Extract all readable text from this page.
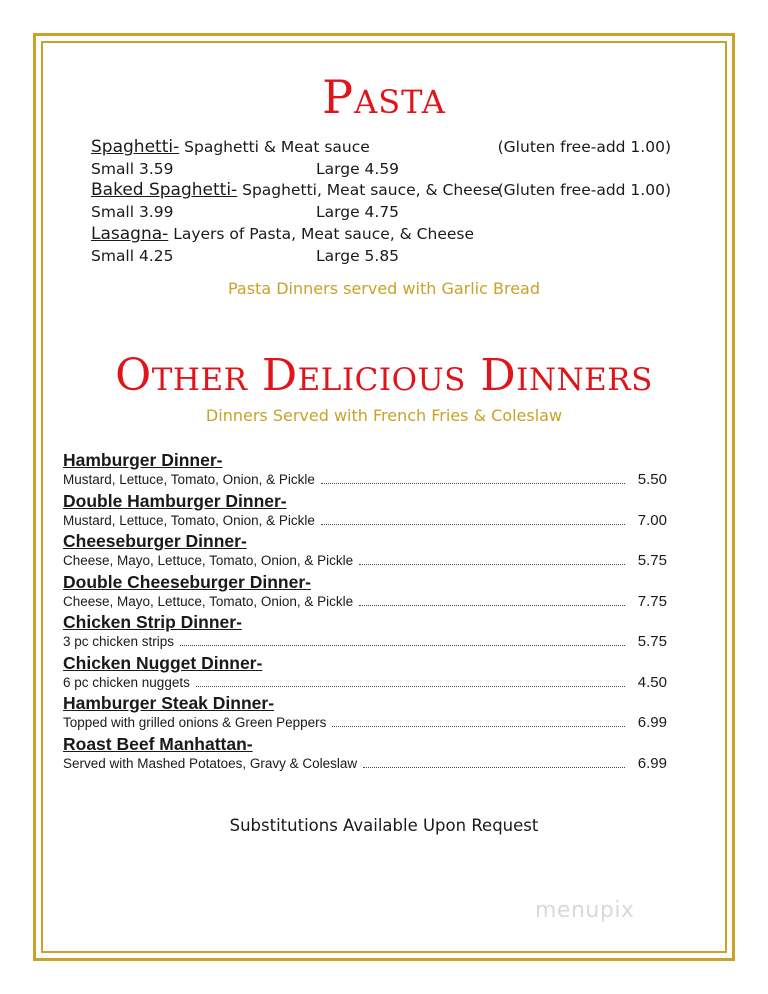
Pasta
Spaghetti- Spaghetti & Meat sauce	(Gluten free-add 1.00)
Small 3.59	Large 4.59
Baked Spaghetti- Spaghetti, Meat sauce, & Cheese
(Gluten free-add 1.00)
Small 3.99	Large 4.75
Lasagna- Layers of Pasta, Meat sauce, & Cheese
Small 4.25	Large 5.85
Pasta Dinners served with Garlic Bread
Other Delicious Dinners
Dinners Served with French Fries & Coleslaw
Hamburger Dinner-
Mustard, Lettuce, Tomato, Onion, & Pickle	5.50
Double Hamburger Dinner-
Mustard, Lettuce, Tomato, Onion, & Pickle	7.00
Cheeseburger Dinner-
Cheese, Mayo, Lettuce, Tomato, Onion, & Pickle	5.75
Double Cheeseburger Dinner-
Cheese, Mayo, Lettuce, Tomato, Onion, & Pickle	7.75
Chicken Strip Dinner-
3 pc chicken strips	5.75
Chicken Nugget Dinner-
6 pc chicken nuggets	4.50
Hamburger Steak Dinner-
Topped with grilled onions & Green Peppers	6.99
Roast Beef Manhattan-
Served with Mashed Potatoes, Gravy & Coleslaw	6.99
Substitutions Available Upon Request
menupix
